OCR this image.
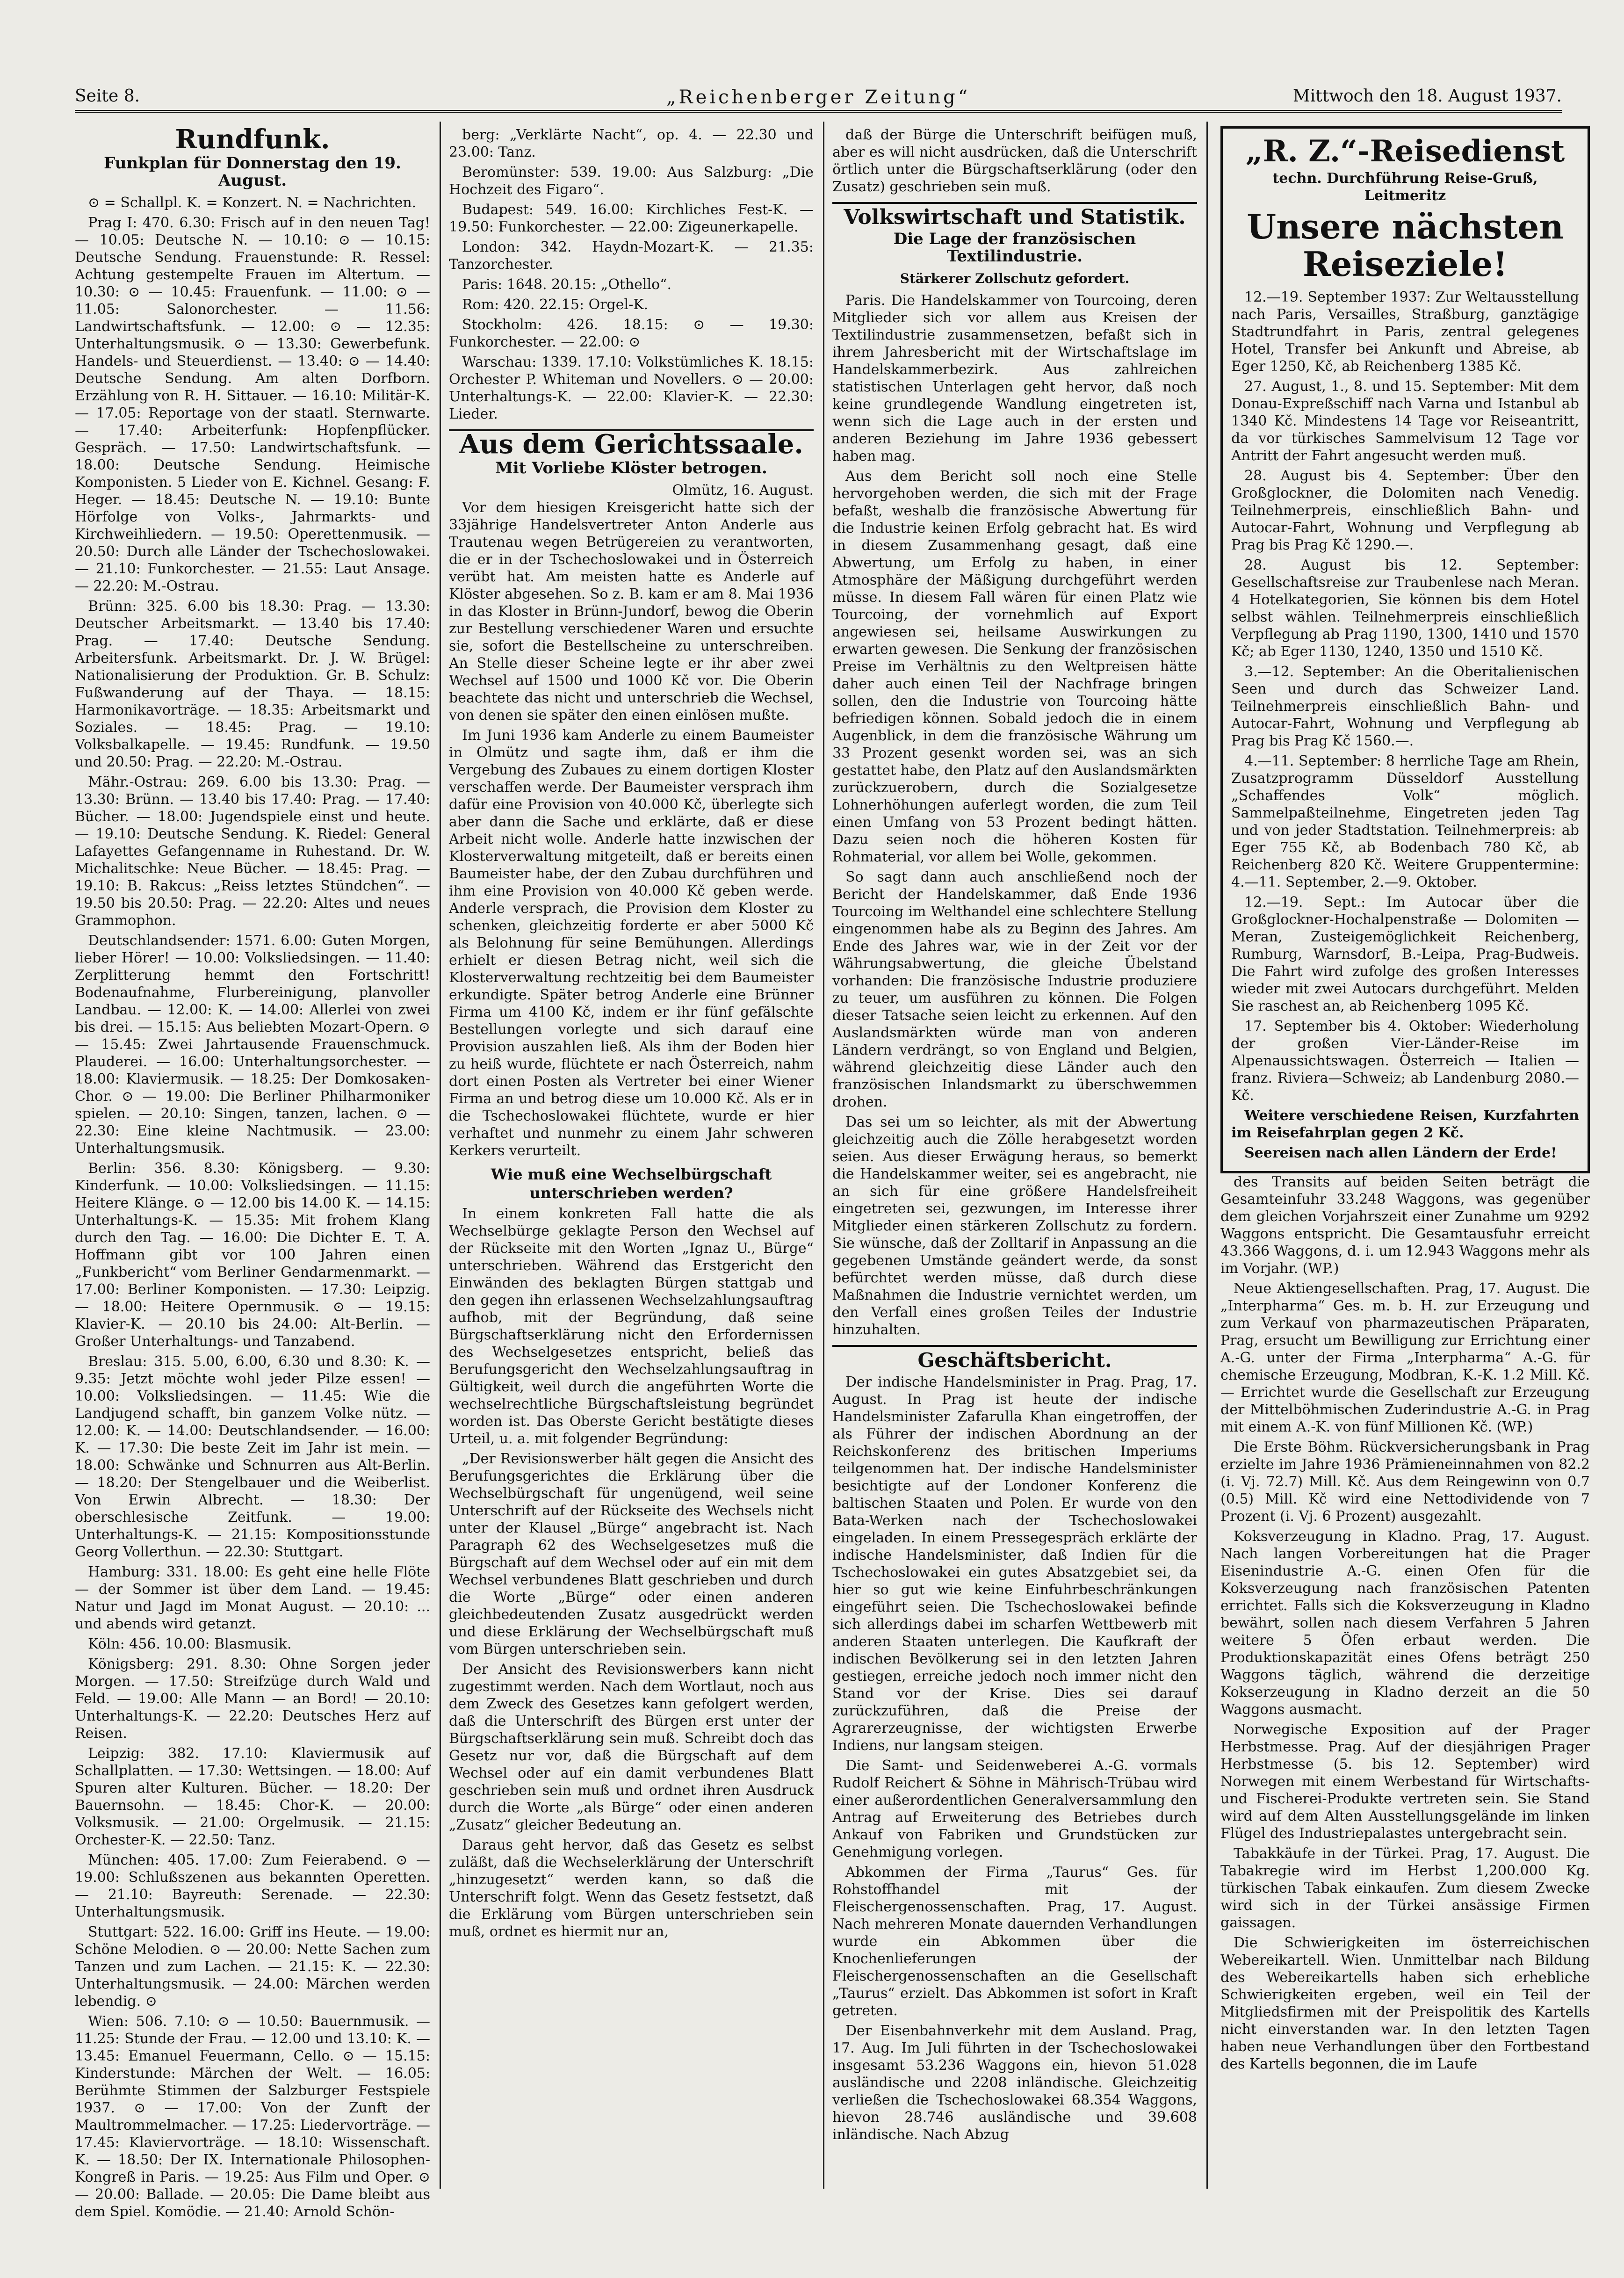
Seite 8.	„Reichenberger Zeitung“	Mittwoch den 18. August 1937.
Rundfunk.
Funkplan für Donnerstag den 19. August.

⊙ = Schallpl. K. = Konzert. N. = Nachrichten.

Prag I: 470. 6.30: Frisch auf in den neuen Tag! — 10.05: Deutsche N. — 10.10: ⊙ — 10.15: Deutsche Sendung. Frauenstunde: R. Ressel: Achtung gestempelte Frauen im Altertum. — 10.30: ⊙ — 10.45: Frauenfunk. — 11.00: ⊙ — 11.05: Salonorchester. — 11.56: Landwirtschaftsfunk. — 12.00: ⊙ — 12.35: Unterhaltungsmusik. ⊙ — 13.30: Gewerbefunk. Handels- und Steuerdienst. — 13.40: ⊙ — 14.40: Deutsche Sendung. Am alten Dorfborn. Erzählung von R. H. Sittauer. — 16.10: Militär-K. — 17.05: Reportage von der staatl. Sternwarte. — 17.40: Arbeiterfunk: Hopfenpflücker. Gespräch. — 17.50: Landwirtschaftsfunk. — 18.00: Deutsche Sendung. Heimische Komponisten. 5 Lieder von E. Kichnel. Gesang: F. Heger. — 18.45: Deutsche N. — 19.10: Bunte Hörfolge von Volks-, Jahrmarkts- und Kirchweihliedern. — 19.50: Operettenmusik. — 20.50: Durch alle Länder der Tschechoslowakei. — 21.10: Funkorchester. — 21.55: Laut Ansage. — 22.20: M.-Ostrau.

Brünn: 325. 6.00 bis 18.30: Prag. — 13.30: Deutscher Arbeitsmarkt. — 13.40 bis 17.40: Prag. — 17.40: Deutsche Sendung. Arbeitersfunk. Arbeitsmarkt. Dr. J. W. Brügel: Nationalisierung der Produktion. Gr. B. Schulz: Fußwanderung auf der Thaya. — 18.15: Harmonikavorträge. — 18.35: Arbeitsmarkt und Soziales. — 18.45: Prag. — 19.10: Volksbalkapelle. — 19.45: Rundfunk. — 19.50 und 20.50: Prag. — 22.20: M.-Ostrau.

Mähr.-Ostrau: 269. 6.00 bis 13.30: Prag. — 13.30: Brünn. — 13.40 bis 17.40: Prag. — 17.40: Bücher. — 18.00: Jugendspiele einst und heute. — 19.10: Deutsche Sendung. K. Riedel: General Lafayettes Gefangenname in Ruhestand. Dr. W. Michalitschke: Neue Bücher. — 18.45: Prag. — 19.10: B. Rakcus: „Reiss letztes Stündchen“. — 19.50 bis 20.50: Prag. — 22.20: Altes und neues Grammophon.

Deutschlandsender: 1571. 6.00: Guten Morgen, lieber Hörer! — 10.00: Volksliedsingen. — 11.40: Zerplitterung hemmt den Fortschritt! Bodenaufnahme, Flurbereinigung, planvoller Landbau. — 12.00: K. — 14.00: Allerlei von zwei bis drei. — 15.15: Aus beliebten Mozart-Opern. ⊙ — 15.45: Zwei Jahrtausende Frauenschmuck. Plauderei. — 16.00: Unterhaltungsorchester. — 18.00: Klaviermusik. — 18.25: Der Domkosaken-Chor. ⊙ — 19.00: Die Berliner Philharmoniker spielen. — 20.10: Singen, tanzen, lachen. ⊙ — 22.30: Eine kleine Nachtmusik. — 23.00: Unterhaltungsmusik.

Berlin: 356. 8.30: Königsberg. — 9.30: Kinderfunk. — 10.00: Volksliedsingen. — 11.15: Heitere Klänge. ⊙ — 12.00 bis 14.00 K. — 14.15: Unterhaltungs-K. — 15.35: Mit frohem Klang durch den Tag. — 16.00: Die Dichter E. T. A. Hoffmann gibt vor 100 Jahren einen „Funkbericht“ vom Berliner Gendarmenmarkt. — 17.00: Berliner Komponisten. — 17.30: Leipzig. — 18.00: Heitere Opernmusik. ⊙ — 19.15: Klavier-K. — 20.10 bis 24.00: Alt-Berlin. — Großer Unterhaltungs- und Tanzabend.

Breslau: 315. 5.00, 6.00, 6.30 und 8.30: K. — 9.35: Jetzt möchte wohl jeder Pilze essen! — 10.00: Volksliedsingen. — 11.45: Wie die Landjugend schafft, bin ganzem Volke nütz. — 12.00: K. — 14.00: Deutschlandsender. — 16.00: K. — 17.30: Die beste Zeit im Jahr ist mein. — 18.00: Schwänke und Schnurren aus Alt-Berlin. — 18.20: Der Stengelbauer und die Weiberlist. Von Erwin Albrecht. — 18.30: Der oberschlesische Zeitfunk. — 19.00: Unterhaltungs-K. — 21.15: Kompositionsstunde Georg Vollerthun. — 22.30: Stuttgart.

Hamburg: 331. 18.00: Es geht eine helle Flöte — der Sommer ist über dem Land. — 19.45: Natur und Jagd im Monat August. — 20.10: ... und abends wird getanzt.

Köln: 456. 10.00: Blasmusik.

Königsberg: 291. 8.30: Ohne Sorgen jeder Morgen. — 17.50: Streifzüge durch Wald und Feld. — 19.00: Alle Mann — an Bord! — 20.10: Unterhaltungs-K. — 22.20: Deutsches Herz auf Reisen.

Leipzig: 382. 17.10: Klaviermusik auf Schallplatten. — 17.30: Wettsingen. — 18.00: Auf Spuren alter Kulturen. Bücher. — 18.20: Der Bauernsohn. — 18.45: Chor-K. — 20.00: Volksmusik. — 21.00: Orgelmusik. — 21.15: Orchester-K. — 22.50: Tanz.

München: 405. 17.00: Zum Feierabend. ⊙ — 19.00: Schlußszenen aus bekannten Operetten. — 21.10: Bayreuth: Serenade. — 22.30: Unterhaltungsmusik.

Stuttgart: 522. 16.00: Griff ins Heute. — 19.00: Schöne Melodien. ⊙ — 20.00: Nette Sachen zum Tanzen und zum Lachen. — 21.15: K. — 22.30: Unterhaltungsmusik. — 24.00: Märchen werden lebendig. ⊙

Wien: 506. 7.10: ⊙ — 10.50: Bauernmusik. — 11.25: Stunde der Frau. — 12.00 und 13.10: K. — 13.45: Emanuel Feuermann, Cello. ⊙ — 15.15: Kinderstunde: Märchen der Welt. — 16.05: Berühmte Stimmen der Salzburger Festspiele 1937. ⊙ — 17.00: Von der Zunft der Maultrommelmacher. — 17.25: Liedervorträge. — 17.45: Klaviervorträge. — 18.10: Wissenschaft. K. — 18.50: Der IX. Internationale Philosophen-Kongreß in Paris. — 19.25: Aus Film und Oper. ⊙ — 20.00: Ballade. — 20.05: Die Dame bleibt aus dem Spiel. Komödie. — 21.40: Arnold Schön-

berg: „Verklärte Nacht“, op. 4. — 22.30 und 23.00: Tanz.

Beromünster: 539. 19.00: Aus Salzburg: „Die Hochzeit des Figaro“.

Budapest: 549. 16.00: Kirchliches Fest-K. — 19.50: Funkorchester. — 22.00: Zigeunerkapelle.

London: 342. Haydn-Mozart-K. — 21.35: Tanzorchester.

Paris: 1648. 20.15: „Othello“.

Rom: 420. 22.15: Orgel-K.

Stockholm: 426. 18.15: ⊙ — 19.30: Funkorchester. — 22.00: ⊙

Warschau: 1339. 17.10: Volkstümliches K. 18.15: Orchester P. Whiteman und Novellers. ⊙ — 20.00: Unterhaltungs-K. — 22.00: Klavier-K. — 22.30: Lieder.

Aus dem Gerichtssaale.
Mit Vorliebe Klöster betrogen.
Olmütz, 16. August.

Vor dem hiesigen Kreisgericht hatte sich der 33jährige Handelsvertreter Anton Anderle aus Trautenau wegen Betrügereien zu verantworten, die er in der Tschechoslowakei und in Österreich verübt hat. Am meisten hatte es Anderle auf Klöster abgesehen. So z. B. kam er am 8. Mai 1936 in das Kloster in Brünn-Jundorf, bewog die Oberin zur Bestellung verschiedener Waren und ersuchte sie, sofort die Bestellscheine zu unterschreiben. An Stelle dieser Scheine legte er ihr aber zwei Wechsel auf 1500 und 1000 Kč vor. Die Oberin beachtete das nicht und unterschrieb die Wechsel, von denen sie später den einen einlösen mußte.

Im Juni 1936 kam Anderle zu einem Baumeister in Olmütz und sagte ihm, daß er ihm die Vergebung des Zubaues zu einem dortigen Kloster verschaffen werde. Der Baumeister versprach ihm dafür eine Provision von 40.000 Kč, überlegte sich aber dann die Sache und erklärte, daß er diese Arbeit nicht wolle. Anderle hatte inzwischen der Klosterverwaltung mitgeteilt, daß er bereits einen Baumeister habe, der den Zubau durchführen und ihm eine Provision von 40.000 Kč geben werde. Anderle versprach, die Provision dem Kloster zu schenken, gleichzeitig forderte er aber 5000 Kč als Belohnung für seine Bemühungen. Allerdings erhielt er diesen Betrag nicht, weil sich die Klosterverwaltung rechtzeitig bei dem Baumeister erkundigte. Später betrog Anderle eine Brünner Firma um 4100 Kč, indem er ihr fünf gefälschte Bestellungen vorlegte und sich darauf eine Provision auszahlen ließ. Als ihm der Boden hier zu heiß wurde, flüchtete er nach Österreich, nahm dort einen Posten als Vertreter bei einer Wiener Firma an und betrog diese um 10.000 Kč. Als er in die Tschechoslowakei flüchtete, wurde er hier verhaftet und nunmehr zu einem Jahr schweren Kerkers verurteilt.

Wie muß eine Wechselbürgschaft unterschrieben werden?

In einem konkreten Fall hatte die als Wechselbürge geklagte Person den Wechsel auf der Rückseite mit den Worten „Ignaz U., Bürge“ unterschrieben. Während das Erstgericht den Einwänden des beklagten Bürgen stattgab und den gegen ihn erlassenen Wechselzahlungsauftrag aufhob, mit der Begründung, daß seine Bürgschaftserklärung nicht den Erfordernissen des Wechselgesetzes entspricht, beließ das Berufungsgericht den Wechselzahlungsauftrag in Gültigkeit, weil durch die angeführten Worte die wechselrechtliche Bürgschaftsleistung begründet worden ist. Das Oberste Gericht bestätigte dieses Urteil, u. a. mit folgender Begründung:

„Der Revisionswerber hält gegen die Ansicht des Berufungsgerichtes die Erklärung über die Wechselbürgschaft für ungenügend, weil seine Unterschrift auf der Rückseite des Wechsels nicht unter der Klausel „Bürge“ angebracht ist. Nach Paragraph 62 des Wechselgesetzes muß die Bürgschaft auf dem Wechsel oder auf ein mit dem Wechsel verbundenes Blatt geschrieben und durch die Worte „Bürge“ oder einen anderen gleichbedeutenden Zusatz ausgedrückt werden und diese Erklärung der Wechselbürgschaft muß vom Bürgen unterschrieben sein.

Der Ansicht des Revisionswerbers kann nicht zugestimmt werden. Nach dem Wortlaut, noch aus dem Zweck des Gesetzes kann gefolgert werden, daß die Unterschrift des Bürgen erst unter der Bürgschaftserklärung sein muß. Schreibt doch das Gesetz nur vor, daß die Bürgschaft auf dem Wechsel oder auf ein damit verbundenes Blatt geschrieben sein muß und ordnet ihren Ausdruck durch die Worte „als Bürge“ oder einen anderen „Zusatz“ gleicher Bedeutung an.

Daraus geht hervor, daß das Gesetz es selbst zuläßt, daß die Wechselerklärung der Unterschrift „hinzugesetzt“ werden kann, so daß die Unterschrift folgt. Wenn das Gesetz festsetzt, daß die Erklärung vom Bürgen unterschrieben sein muß, ordnet es hiermit nur an,

daß der Bürge die Unterschrift beifügen muß, aber es will nicht ausdrücken, daß die Unterschrift örtlich unter die Bürgschaftserklärung (oder den Zusatz) geschrieben sein muß.

Volkswirtschaft und Statistik.
Die Lage der französischen Textilindustrie.
Stärkerer Zollschutz gefordert.

Paris. Die Handelskammer von Tourcoing, deren Mitglieder sich vor allem aus Kreisen der Textilindustrie zusammensetzen, befaßt sich in ihrem Jahresbericht mit der Wirtschaftslage im Handelskammerbezirk. Aus zahlreichen statistischen Unterlagen geht hervor, daß noch keine grundlegende Wandlung eingetreten ist, wenn sich die Lage auch in der ersten und anderen Beziehung im Jahre 1936 gebessert haben mag.

Aus dem Bericht soll noch eine Stelle hervorgehoben werden, die sich mit der Frage befaßt, weshalb die französische Abwertung für die Industrie keinen Erfolg gebracht hat. Es wird in diesem Zusammenhang gesagt, daß eine Abwertung, um Erfolg zu haben, in einer Atmosphäre der Mäßigung durchgeführt werden müsse. In diesem Fall wären für einen Platz wie Tourcoing, der vornehmlich auf Export angewiesen sei, heilsame Auswirkungen zu erwarten gewesen. Die Senkung der französischen Preise im Verhältnis zu den Weltpreisen hätte daher auch einen Teil der Nachfrage bringen sollen, den die Industrie von Tourcoing hätte befriedigen können. Sobald jedoch die in einem Augenblick, in dem die französische Währung um 33 Prozent gesenkt worden sei, was an sich gestattet habe, den Platz auf den Auslandsmärkten zurückzuerobern, durch die Sozialgesetze Lohnerhöhungen auferlegt worden, die zum Teil einen Umfang von 53 Prozent bedingt hätten. Dazu seien noch die höheren Kosten für Rohmaterial, vor allem bei Wolle, gekommen.

So sagt dann auch anschließend noch der Bericht der Handelskammer, daß Ende 1936 Tourcoing im Welthandel eine schlechtere Stellung eingenommen habe als zu Beginn des Jahres. Am Ende des Jahres war, wie in der Zeit vor der Währungsabwertung, die gleiche Übelstand vorhanden: Die französische Industrie produziere zu teuer, um ausführen zu können. Die Folgen dieser Tatsache seien leicht zu erkennen. Auf den Auslandsmärkten würde man von anderen Ländern verdrängt, so von England und Belgien, während gleichzeitig diese Länder auch den französischen Inlandsmarkt zu überschwemmen drohen.

Das sei um so leichter, als mit der Abwertung gleichzeitig auch die Zölle herabgesetzt worden seien. Aus dieser Erwägung heraus, so bemerkt die Handelskammer weiter, sei es angebracht, nie an sich für eine größere Handelsfreiheit eingetreten sei, gezwungen, im Interesse ihrer Mitglieder einen stärkeren Zollschutz zu fordern. Sie wünsche, daß der Zolltarif in Anpassung an die gegebenen Umstände geändert werde, da sonst befürchtet werden müsse, daß durch diese Maßnahmen die Industrie vernichtet werden, um den Verfall eines großen Teiles der Industrie hinzuhalten.

Geschäftsbericht.

Der indische Handelsminister in Prag. Prag, 17. August. In Prag ist heute der indische Handelsminister Zafarulla Khan eingetroffen, der als Führer der indischen Abordnung an der Reichskonferenz des britischen Imperiums teilgenommen hat. Der indische Handelsminister besichtigte auf der Londoner Konferenz die baltischen Staaten und Polen. Er wurde von den Bata-Werken nach der Tschechoslowakei eingeladen. In einem Pressegespräch erklärte der indische Handelsminister, daß Indien für die Tschechoslowakei ein gutes Absatzgebiet sei, da hier so gut wie keine Einfuhrbeschränkungen eingeführt seien. Die Tschechoslowakei befinde sich allerdings dabei im scharfen Wettbewerb mit anderen Staaten unterlegen. Die Kaufkraft der indischen Bevölkerung sei in den letzten Jahren gestiegen, erreiche jedoch noch immer nicht den Stand vor der Krise. Dies sei darauf zurückzuführen, daß die Preise der Agrarerzeugnisse, der wichtigsten Erwerbe Indiens, nur langsam steigen.

Die Samt- und Seidenweberei A.-G. vormals Rudolf Reichert & Söhne in Mährisch-Trübau wird einer außerordentlichen Generalversammlung den Antrag auf Erweiterung des Betriebes durch Ankauf von Fabriken und Grundstücken zur Genehmigung vorlegen.

Abkommen der Firma „Taurus“ Ges. für Rohstoffhandel mit der Fleischergenossenschaften. Prag, 17. August. Nach mehreren Monate dauernden Verhandlungen wurde ein Abkommen über die Knochenlieferungen der Fleischergenossenschaften an die Gesellschaft „Taurus“ erzielt. Das Abkommen ist sofort in Kraft getreten.

Der Eisenbahnverkehr mit dem Ausland. Prag, 17. Aug. Im Juli führten in der Tschechoslowakei insgesamt 53.236 Waggons ein, hievon 51.028 ausländische und 2208 inländische. Gleichzeitig verließen die Tschechoslowakei 68.354 Waggons, hievon 28.746 ausländische und 39.608 inländische. Nach Abzug

„R. Z.“-Reisedienst
techn. Durchführung Reise-Gruß, Leitmeritz
Unsere nächsten Reiseziele!

12.—19. September 1937: Zur Weltausstellung nach Paris, Versailles, Straßburg, ganztägige Stadtrundfahrt in Paris, zentral gelegenes Hotel, Transfer bei Ankunft und Abreise, ab Eger 1250, Kč, ab Reichenberg 1385 Kč.

27. August, 1., 8. und 15. September: Mit dem Donau-Expreßschiff nach Varna und Istanbul ab 1340 Kč. Mindestens 14 Tage vor Reiseantritt, da vor türkisches Sammelvisum 12 Tage vor Antritt der Fahrt angesucht werden muß.

28. August bis 4. September: Über den Großglockner, die Dolomiten nach Venedig. Teilnehmerpreis, einschließlich Bahn- und Autocar-Fahrt, Wohnung und Verpflegung ab Prag bis Prag Kč 1290.—.

28. August bis 12. September: Gesellschaftsreise zur Traubenlese nach Meran. 4 Hotelkategorien, Sie können bis dem Hotel selbst wählen. Teilnehmerpreis einschließlich Verpflegung ab Prag 1190, 1300, 1410 und 1570 Kč; ab Eger 1130, 1240, 1350 und 1510 Kč.

3.—12. September: An die Oberitalienischen Seen und durch das Schweizer Land. Teilnehmerpreis einschließlich Bahn- und Autocar-Fahrt, Wohnung und Verpflegung ab Prag bis Prag Kč 1560.—.

4.—11. September: 8 herrliche Tage am Rhein, Zusatzprogramm Düsseldorf Ausstellung „Schaffendes Volk“ möglich. Sammelpaßteilnehme, Eingetreten jeden Tag und von jeder Stadtstation. Teilnehmerpreis: ab Eger 755 Kč, ab Bodenbach 780 Kč, ab Reichenberg 820 Kč. Weitere Gruppentermine: 4.—11. September, 2.—9. Oktober.

12.—19. Sept.: Im Autocar über die Großglockner-Hochalpenstraße — Dolomiten — Meran, Zusteigemöglichkeit Reichenberg, Rumburg, Warnsdorf, B.-Leipa, Prag-Budweis. Die Fahrt wird zufolge des großen Interesses wieder mit zwei Autocars durchgeführt. Melden Sie raschest an, ab Reichenberg 1095 Kč.

17. September bis 4. Oktober: Wiederholung der großen Vier-Länder-Reise im Alpenaussichtswagen. Österreich — Italien — franz. Riviera—Schweiz; ab Landenburg 2080.— Kč.

Weitere verschiedene Reisen, Kurzfahrten im Reisefahrplan gegen 2 Kč.

Seereisen nach allen Ländern der Erde!

des Transits auf beiden Seiten beträgt die Gesamteinfuhr 33.248 Waggons, was gegenüber dem gleichen Vorjahrszeit einer Zunahme um 9292 Waggons entspricht. Die Gesamtausfuhr erreicht 43.366 Waggons, d. i. um 12.943 Waggons mehr als im Vorjahr. (WP.)

Neue Aktiengesellschaften. Prag, 17. August. Die „Interpharma“ Ges. m. b. H. zur Erzeugung und zum Verkauf von pharmazeutischen Präparaten, Prag, ersucht um Bewilligung zur Errichtung einer A.-G. unter der Firma „Interpharma“ A.-G. für chemische Erzeugung, Modbran, K.-K. 1.2 Mill. Kč. — Errichtet wurde die Gesellschaft zur Erzeugung der Mittelböhmischen Zuderindustrie A.-G. in Prag mit einem A.-K. von fünf Millionen Kč. (WP.)

Die Erste Böhm. Rückversicherungsbank in Prag erzielte im Jahre 1936 Prämieneinnahmen von 82.2 (i. Vj. 72.7) Mill. Kč. Aus dem Reingewinn von 0.7 (0.5) Mill. Kč wird eine Nettodividende von 7 Prozent (i. Vj. 6 Prozent) ausgezahlt.

Koksverzeugung in Kladno. Prag, 17. August. Nach langen Vorbereitungen hat die Prager Eisenindustrie A.-G. einen Ofen für die Koksverzeugung nach französischen Patenten errichtet. Falls sich die Koksverzeugung in Kladno bewährt, sollen nach diesem Verfahren 5 Jahren weitere 5 Öfen erbaut werden. Die Produktionskapazität eines Ofens beträgt 250 Waggons täglich, während die derzeitige Kokserzeugung in Kladno derzeit an die 50 Waggons ausmacht.

Norwegische Exposition auf der Prager Herbstmesse. Prag. Auf der diesjährigen Prager Herbstmesse (5. bis 12. September) wird Norwegen mit einem Werbestand für Wirtschafts- und Fischerei-Produkte vertreten sein. Sie Stand wird auf dem Alten Ausstellungsgelände im linken Flügel des Industriepalastes untergebracht sein.

Tabakkäufe in der Türkei. Prag, 17. August. Die Tabakregie wird im Herbst 1,200.000 Kg. türkischen Tabak einkaufen. Zum diesem Zwecke wird sich in der Türkei ansässige Firmen gaissagen.

Die Schwierigkeiten im österreichischen Webereikartell. Wien. Unmittelbar nach Bildung des Webereikartells haben sich erhebliche Schwierigkeiten ergeben, weil ein Teil der Mitgliedsfirmen mit der Preispolitik des Kartells nicht einverstanden war. In den letzten Tagen haben neue Verhandlungen über den Fortbestand des Kartells begonnen, die im Laufe
